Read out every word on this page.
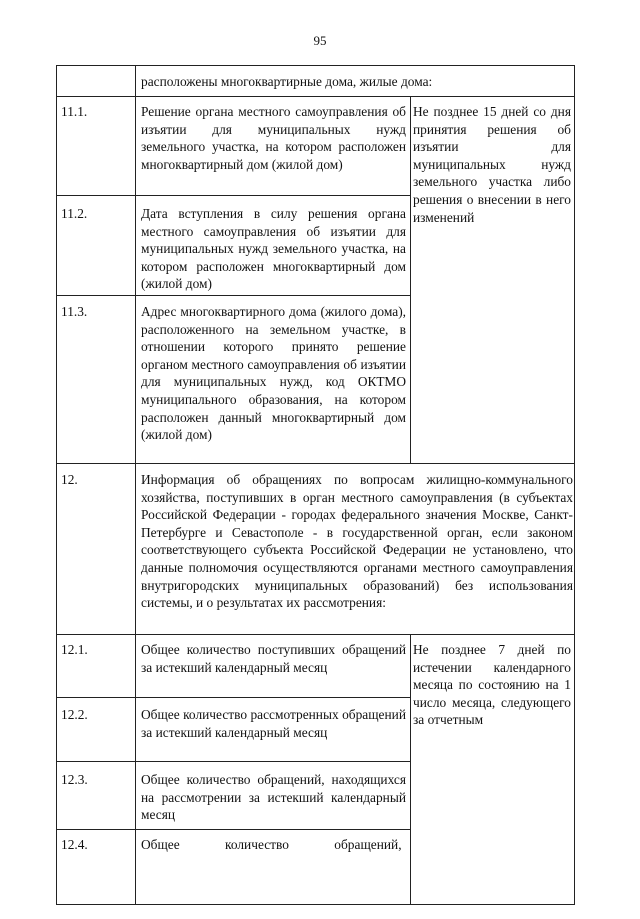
95
расположены многоквартирные дома, жилые дома:
11.1.	Решение органа местного самоуправления об изъятии для муниципальных нужд земельного участка, на котором расположен многоквартирный дом (жилой дом)
11.2.	Дата вступления в силу решения органа местного самоуправления об изъятии для муниципальных нужд земельного участка, на котором расположен многоквартирный дом (жилой дом)
11.3.	Адрес многоквартирного дома (жилого дома), расположенного на земельном участке, в отношении которого принято решение органом местного самоуправления об изъятии для муниципальных нужд, код ОКТМО муниципального образования, на котором расположен данный многоквартирный дом (жилой дом)
Не позднее 15 дней со дня принятия решения об изъятии для муниципальных нужд земельного участка либо решения о внесении в него изменений
12.	Информация об обращениях по вопросам жилищно-коммунального хозяйства, поступивших в орган местного самоуправления (в субъектах Российской Федерации - городах федерального значения Москве, Санкт-Петербурге и Севастополе - в государственной орган, если законом соответствующего субъекта Российской Федерации не установлено, что данные полномочия осуществляются органами местного самоуправления внутригородских муниципальных образований) без использования системы, и о результатах их рассмотрения:
12.1.	Общее количество поступивших обращений за истекший календарный месяц
12.2.	Общее количество рассмотренных обращений за истекший календарный месяц
12.3.	Общее количество обращений, находящихся на рассмотрении за истекший календарный месяц
12.4.	Общее количество обращений,
Не позднее 7 дней по истечении календарного месяца по состоянию на 1 число месяца, следующего за отчетным
